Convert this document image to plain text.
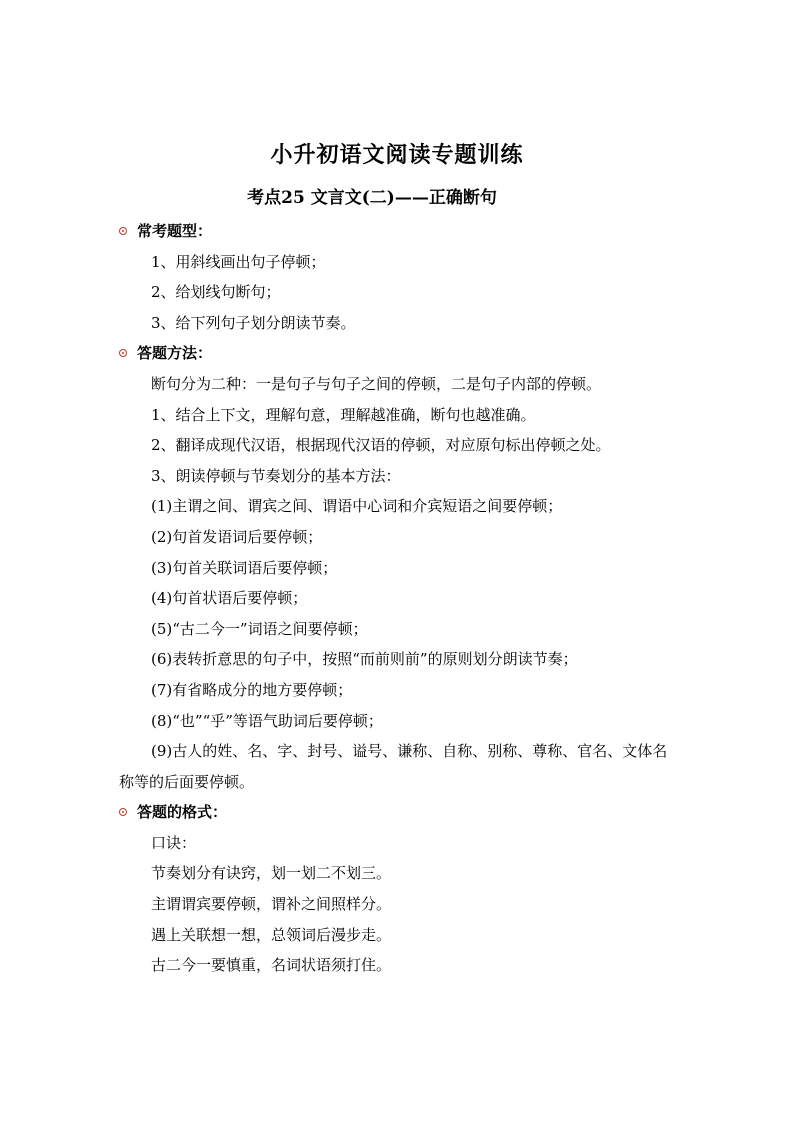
小升初语文阅读专题训练
考点25 文言文(二)——正确断句
常考题型：
1、用斜线画出句子停顿；
2、给划线句断句；
3、给下列句子划分朗读节奏。
答题方法：
断句分为二种：一是句子与句子之间的停顿，二是句子内部的停顿。
1、结合上下文，理解句意，理解越准确，断句也越准确。
2、翻译成现代汉语，根据现代汉语的停顿，对应原句标出停顿之处。
3、朗读停顿与节奏划分的基本方法：
(1)主谓之间、谓宾之间、谓语中心词和介宾短语之间要停顿；
(2)句首发语词后要停顿；
(3)句首关联词语后要停顿；
(4)句首状语后要停顿；
(5)“古二今一”词语之间要停顿；
(6)表转折意思的句子中，按照“而前则前”的原则划分朗读节奏；
(7)有省略成分的地方要停顿；
(8)“也”“乎”等语气助词后要停顿；
(9)古人的姓、名、字、封号、谥号、谦称、自称、别称、尊称、官名、文体名称等的后面要停顿。
答题的格式：
口诀：
节奏划分有诀窍，划一划二不划三。
主谓谓宾要停顿，谓补之间照样分。
遇上关联想一想，总领词后漫步走。
古二今一要慎重，名词状语须打住。
